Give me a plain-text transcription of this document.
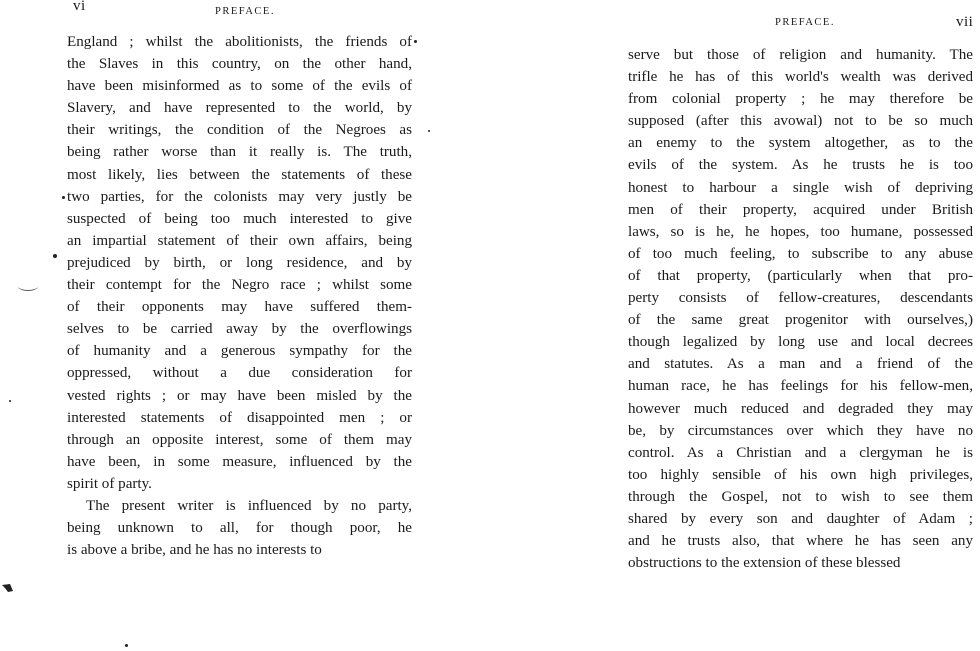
vi	PREFACE.
England ; whilst the abolitionists, the friends of
the Slaves in this country, on the other hand,
have been misinformed as to some of the evils of
Slavery, and have represented to the world, by
their writings, the condition of the Negroes as
being rather worse than it really is. The truth,
most likely, lies between the statements of these
two parties, for the colonists may very justly be
suspected of being too much interested to give
an impartial statement of their own affairs, being
prejudiced by birth, or long residence, and by
their contempt for the Negro race ; whilst some
of their opponents may have suffered them-
selves to be carried away by the overflowings
of humanity and a generous sympathy for the
oppressed, without a due consideration for
vested rights ; or may have been misled by the
interested statements of disappointed men ; or
through an opposite interest, some of them may
have been, in some measure, influenced by the
spirit of party.
The present writer is influenced by no party,
being unknown to all, for though poor, he
is above a bribe, and he has no interests to
PREFACE.	vii
serve but those of religion and humanity. The
trifle he has of this world's wealth was derived
from colonial property ; he may therefore be
supposed (after this avowal) not to be so much
an enemy to the system altogether, as to the
evils of the system. As he trusts he is too
honest to harbour a single wish of depriving
men of their property, acquired under British
laws, so is he, he hopes, too humane, possessed
of too much feeling, to subscribe to any abuse
of that property, (particularly when that pro-
perty consists of fellow-creatures, descendants
of the same great progenitor with ourselves,)
though legalized by long use and local decrees
and statutes. As a man and a friend of the
human race, he has feelings for his fellow-men,
however much reduced and degraded they may
be, by circumstances over which they have no
control. As a Christian and a clergyman he is
too highly sensible of his own high privileges,
through the Gospel, not to wish to see them
shared by every son and daughter of Adam ;
and he trusts also, that where he has seen any
obstructions to the extension of these blessed
